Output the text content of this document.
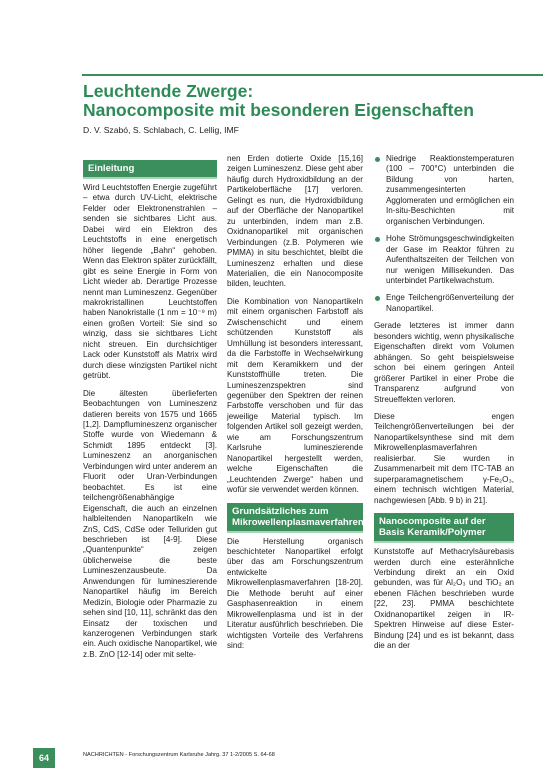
Leuchtende Zwerge:
Nanocomposite mit besonderen Eigenschaften
D. V. Szabó, S. Schlabach, C. Lellig, IMF
Einleitung

Wird Leuchtstoffen Energie zugeführt – etwa durch UV-Licht, elektrische Felder oder Elektronenstrahlen – senden sie sichtbares Licht aus. Dabei wird ein Elektron des Leuchtstoffs in eine energetisch höher liegende „Bahn“ gehoben. Wenn das Elektron später zurückfällt, gibt es seine Energie in Form von Licht wieder ab. Derartige Prozesse nennt man Lumineszenz. Gegenüber makrokristallinen Leuchtstoffen haben Nanokristalle (1 nm = 10⁻⁹ m) einen großen Vorteil: Sie sind so winzig, dass sie sichtbares Licht nicht streuen. Ein durchsichtiger Lack oder Kunststoff als Matrix wird durch diese winzigsten Partikel nicht getrübt.

Die ältesten überlieferten Beobachtungen von Lumineszenz datieren bereits von 1575 und 1665 [1,2]. Dampflumineszenz organischer Stoffe wurde von Wiedemann & Schmidt 1895 entdeckt [3]. Lumineszenz an anorganischen Verbindungen wird unter anderem an Fluorit oder Uran-Verbindungen beobachtet. Es ist eine teilchengrößenabhängige Eigenschaft, die auch an einzelnen halbleitenden Nanopartikeln wie ZnS, CdS, CdSe oder Telluriden gut beschrieben ist [4-9]. Diese „Quantenpunkte“ zeigen üblicherweise die beste Lumineszenzausbeute. Da Anwendungen für lumineszierende Nanopartikel häufig im Bereich Medizin, Biologie oder Pharmazie zu sehen sind [10, 11], schränkt das den Einsatz der toxischen und kanzerogenen Verbindungen stark ein. Auch oxidische Nanopartikel, wie z.B. ZnO [12-14] oder mit selte-

nen Erden dotierte Oxide [15,16] zeigen Lumineszenz. Diese geht aber häufig durch Hydroxidbildung an der Partikeloberfläche [17] verloren. Gelingt es nun, die Hydroxidbildung auf der Oberfläche der Nanopartikel zu unterbinden, indem man z.B. Oxidnanopartikel mit organischen Verbindungen (z.B. Polymeren wie PMMA) in situ beschichtet, bleibt die Lumineszenz erhalten und diese Materialien, die ein Nanocomposite bilden, leuchten.

Die Kombination von Nanopartikeln mit einem organischen Farbstoff als Zwischenschicht und einem schützenden Kunststoff als Umhüllung ist besonders interessant, da die Farbstoffe in Wechselwirkung mit dem Keramikkern und der Kunststoffhülle treten. Die Lumineszenzspektren sind gegenüber den Spektren der reinen Farbstoffe verschoben und für das jeweilige Material typisch. Im folgenden Artikel soll gezeigt werden, wie am Forschungszentrum Karlsruhe lumineszierende Nanopartikel hergestellt werden, welche Eigenschaften die „Leuchtenden Zwerge“ haben und wofür sie verwendet werden können.

Grundsätzliches zum Mikrowellenplasmaverfahren

Die Herstellung organisch beschichteter Nanopartikel erfolgt über das am Forschungszentrum entwickelte Mikrowellenplasmaverfahren [18-20]. Die Methode beruht auf einer Gasphasenreaktion in einem Mikrowellenplasma und ist in der Literatur ausführlich beschrieben. Die wichtigsten Vorteile des Verfahrens sind:

Niedrige Reaktionstemperaturen (100 – 700°C) unterbinden die Bildung von harten, zusammengesinterten Agglomeraten und ermöglichen ein In-situ-Beschichten mit organischen Verbindungen.
Hohe Strömungsgeschwindigkeiten der Gase im Reaktor führen zu Aufenthaltszeiten der Teilchen von nur wenigen Millisekunden. Das unterbindet Partikelwachstum.
Enge Teilchengrößenverteilung der Nanopartikel.

Gerade letzteres ist immer dann besonders wichtig, wenn physikalische Eigenschaften direkt vom Volumen abhängen. So geht beispielsweise schon bei einem geringen Anteil größerer Partikel in einer Probe die Transparenz aufgrund von Streueffekten verloren.

Diese engen Teilchengrößenverteilungen bei der Nanopartikelsynthese sind mit dem Mikrowellenplasmaverfahren realisierbar. Sie wurden in Zusammenarbeit mit dem ITC-TAB an superparamagnetischem γ-Fe₂O₃, einem technisch wichtigen Material, nachgewiesen [Abb. 9 b) in 21].

Nanocomposite auf der Basis Keramik/Polymer

Kunststoffe auf Methacrylsäurebasis werden durch eine esterähnliche Verbindung direkt an ein Oxid gebunden, was für Al₂O₃ und TiO₂ an ebenen Flächen beschrieben wurde [22, 23]. PMMA beschichtete Oxidnanopartikel zeigen in IR-Spektren Hinweise auf diese Ester-Bindung [24] und es ist bekannt, dass die an der

64	NACHRICHTEN - Forschungszentrum Karlsruhe Jahrg. 37 1-2/2005 S. 64-68
